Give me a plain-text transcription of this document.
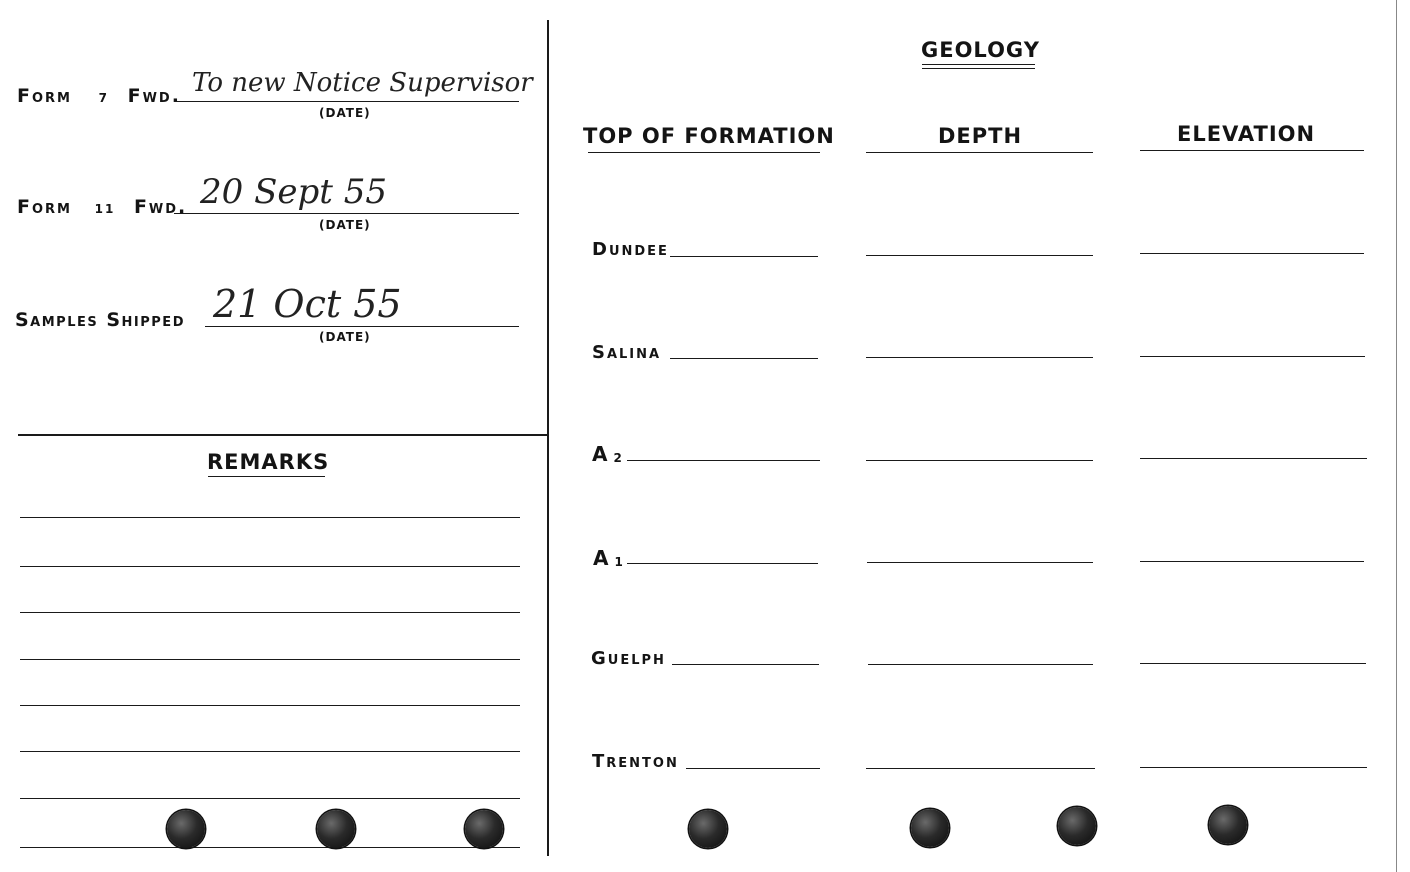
Form 7 Fwd. To new Notice Supervisor
(DATE)
Form 11 Fwd. 20 Sept 55
(DATE)
Samples Shipped 21 Oct 55
(DATE)
REMARKS
GEOLOGY
TOP OF FORMATION	DEPTH	ELEVATION
Dundee
Salina
A 2
A 1
Guelph
Trenton
